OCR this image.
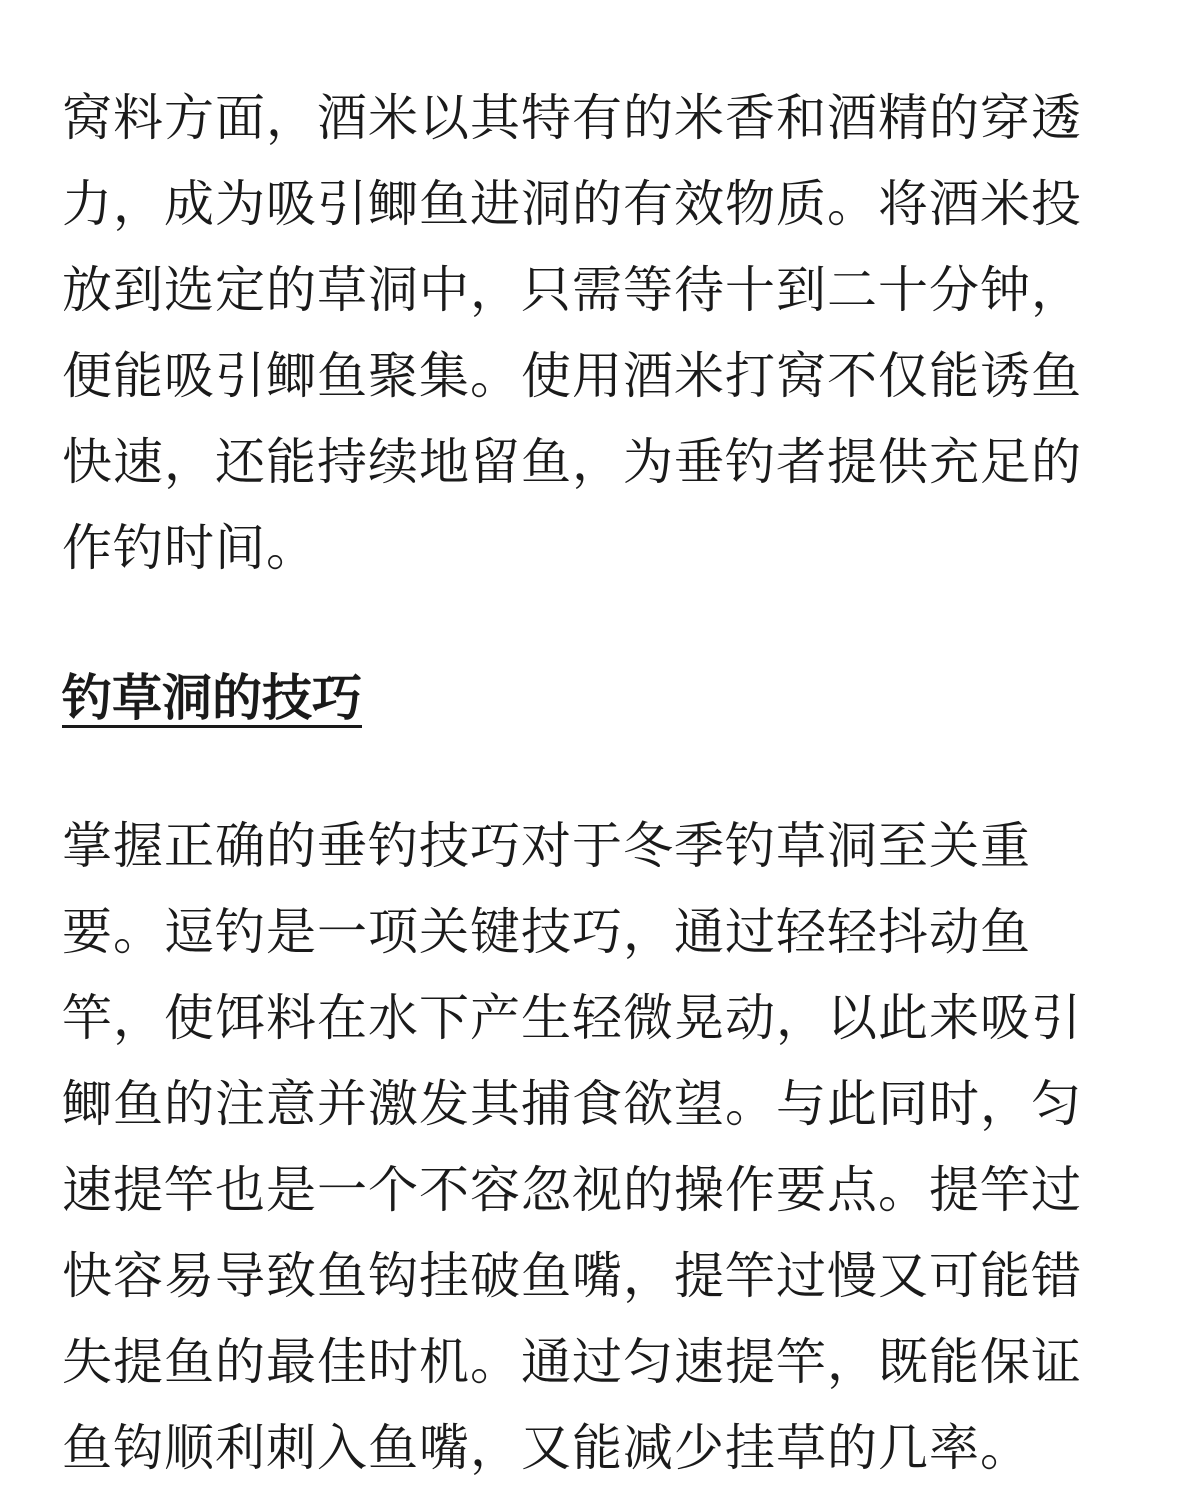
窝料方面，酒米以其特有的米香和酒精的穿透力，成为吸引鲫鱼进洞的有效物质。将酒米投放到选定的草洞中，只需等待十到二十分钟，便能吸引鲫鱼聚集。使用酒米打窝不仅能诱鱼快速，还能持续地留鱼，为垂钓者提供充足的作钓时间。

钓草洞的技巧

掌握正确的垂钓技巧对于冬季钓草洞至关重要。逗钓是一项关键技巧，通过轻轻抖动鱼竿，使饵料在水下产生轻微晃动，以此来吸引鲫鱼的注意并激发其捕食欲望。与此同时，匀速提竿也是一个不容忽视的操作要点。提竿过快容易导致鱼钩挂破鱼嘴，提竿过慢又可能错失提鱼的最佳时机。通过匀速提竿，既能保证鱼钩顺利刺入鱼嘴，又能减少挂草的几率。
